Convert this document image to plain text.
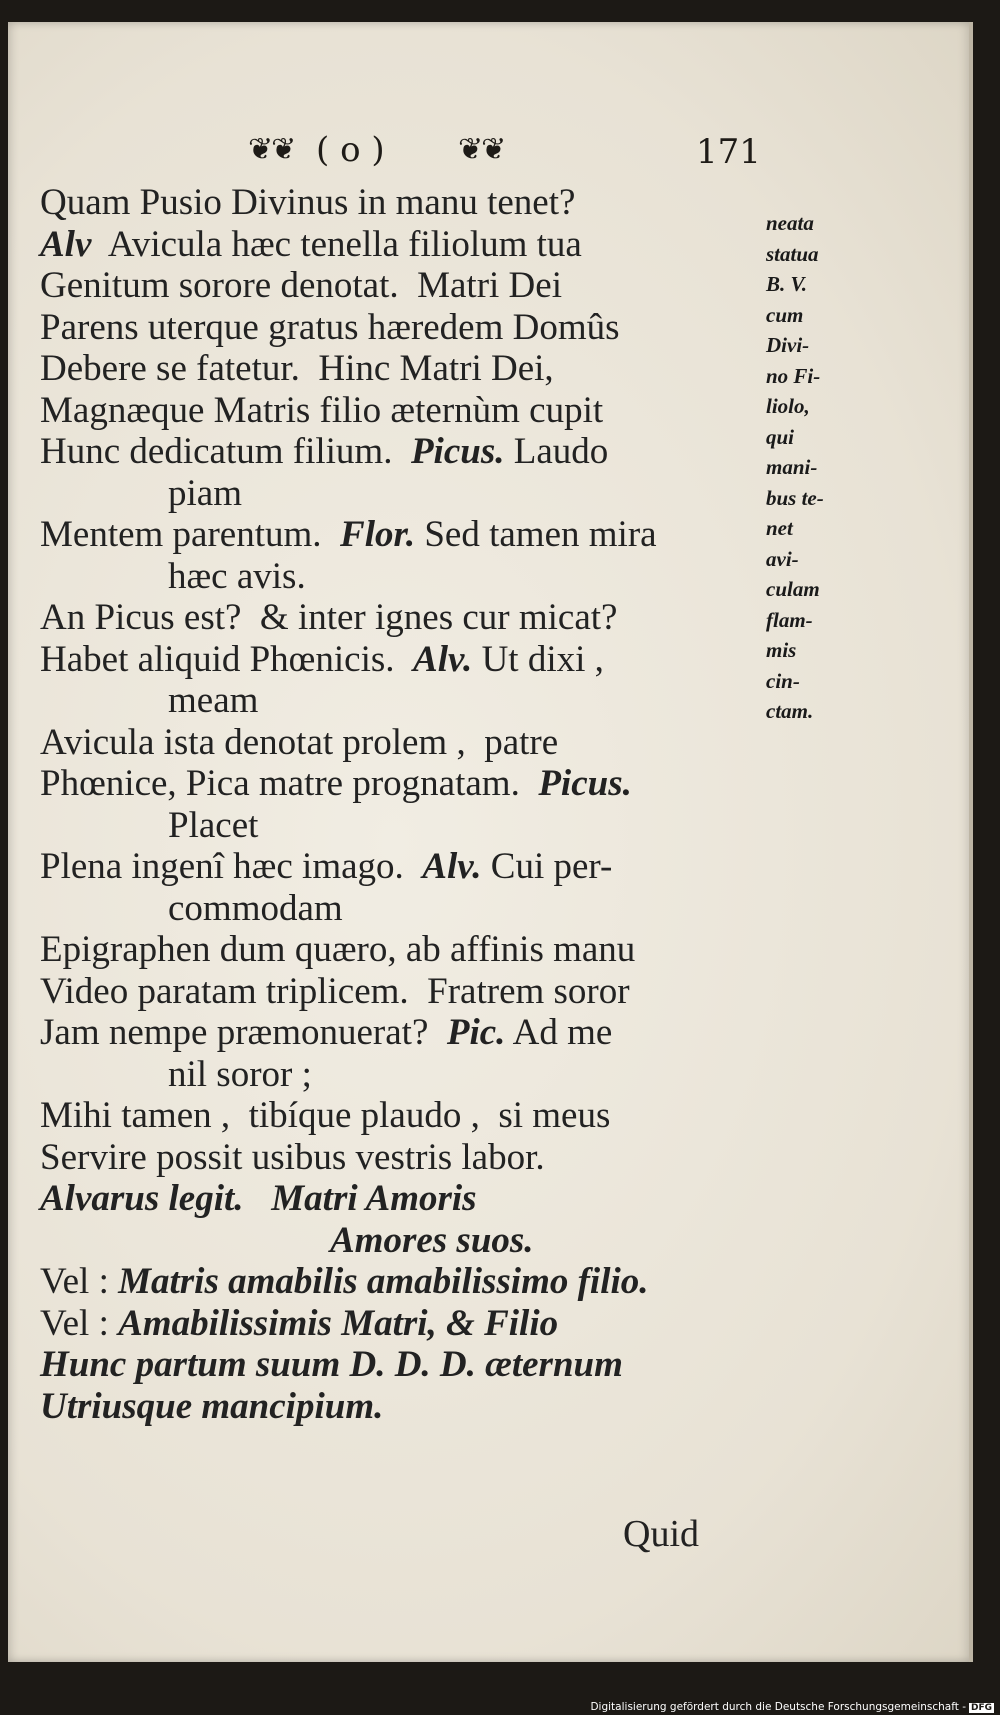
❦❦ ( o ) ❦❦	171
Quam Pusio Divinus in manu tenet?
Alv  Avicula hæc tenella filiolum tua
Genitum sorore denotat.  Matri Dei
Parens uterque gratus hæredem Domûs
Debere se fatetur.  Hinc Matri Dei,
Magnæque Matris filio æternùm cupit
Hunc dedicatum filium.  Picus. Laudo
piam
Mentem parentum.  Flor. Sed tamen mira
hæc avis.
An Picus est?  & inter ignes cur micat?
Habet aliquid Phœnicis.  Alv. Ut dixi ,
meam
Avicula ista denotat prolem ,  patre
Phœnice, Pica matre prognatam.  Picus.
Placet
Plena ingenî hæc imago.  Alv. Cui per-
commodam
Epigraphen dum quæro, ab affinis manu
Video paratam triplicem.  Fratrem soror
Jam nempe præmonuerat?  Pic. Ad me
nil soror ;
Mihi tamen ,  tibíque plaudo ,  si meus
Servire possit usibus vestris labor.
Alvarus legit. Matri Amoris
Amores suos.
Vel : Matris amabilis amabilissimo filio.
Vel : Amabilissimis Matri, & Filio
Hunc partum suum D. D. D. æternum
Utriusque mancipium.
neata
statua
B. V.
cum
Divi-
no Fi-
liolo,
qui
mani-
bus te-
net
avi-
culam
flam-
mis
cin-
ctam.
Quid
Digitalisierung gefördert durch die Deutsche Forschungsgemeinschaft - DFG
